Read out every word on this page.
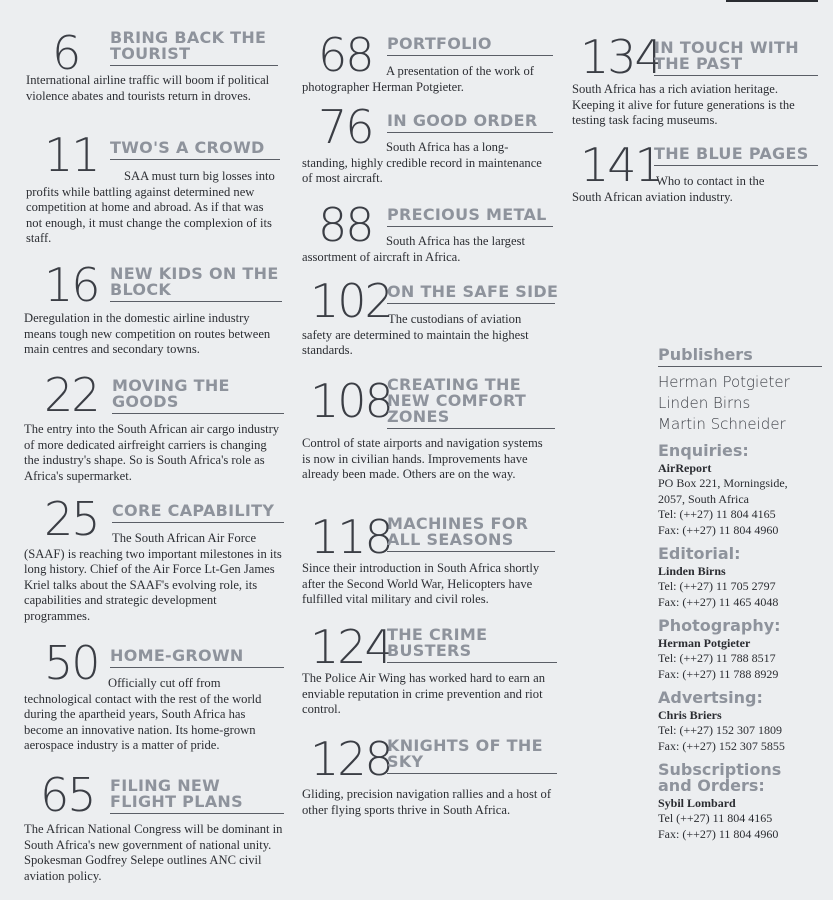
6 BRING BACK THE TOURIST
International airline traffic will boom if political violence abates and tourists return in droves.
11 TWO'S A CROWD
SAA must turn big losses into profits while battling against determined new competition at home and abroad. As if that was not enough, it must change the complexion of its staff.
16 NEW KIDS ON THE BLOCK
Deregulation in the domestic airline industry means tough new competition on routes between main centres and secondary towns.
22 MOVING THE GOODS
The entry into the South African air cargo industry of more dedicated airfreight carriers is changing the industry's shape. So is South Africa's role as Africa's supermarket.
25 CORE CAPABILITY
The South African Air Force (SAAF) is reaching two important milestones in its long history. Chief of the Air Force Lt-Gen James Kriel talks about the SAAF's evolving role, its capabilities and strategic development programmes.
50 HOME-GROWN
Officially cut off from technological contact with the rest of the world during the apartheid years, South Africa has become an innovative nation. Its home-grown aerospace industry is a matter of pride.
65 FILING NEW FLIGHT PLANS
The African National Congress will be dominant in South Africa's new government of national unity. Spokesman Godfrey Selepe outlines ANC civil aviation policy.
68 PORTFOLIO
A presentation of the work of photographer Herman Potgieter.
76 IN GOOD ORDER
South Africa has a long-standing, highly credible record in maintenance of most aircraft.
88 PRECIOUS METAL
South Africa has the largest assortment of aircraft in Africa.
102
ON THE SAFE SIDE
The custodians of aviation safety are determined to maintain the highest standards.
108
CREATING THE NEW COMFORT ZONES
Control of state airports and navigation systems is now in civilian hands. Improvements have already been made. Others are on the way.
118
MACHINES FOR ALL SEASONS
Since their introduction in South Africa shortly after the Second World War, Helicopters have fulfilled vital military and civil roles.
124
THE CRIME BUSTERS
The Police Air Wing has worked hard to earn an enviable reputation in crime prevention and riot control.
128
KNIGHTS OF THE SKY
Gliding, precision navigation rallies and a host of other flying sports thrive in South Africa.
134
IN TOUCH WITH THE PAST
South Africa has a rich aviation heritage. Keeping it alive for future generations is the testing task facing museums.
141
THE BLUE PAGES
Who to contact in the South African aviation industry.
Publishers
Herman Potgieter
Linden Birns
Martin Schneider
Enquiries:
AirReport
PO Box 221, Morningside,
2057, South Africa
Tel: (++27) 11 804 4165
Fax: (++27) 11 804 4960
Editorial:
Linden Birns
Tel: (++27) 11 705 2797
Fax: (++27) 11 465 4048
Photography:
Herman Potgieter
Tel: (++27) 11 788 8517
Fax: (++27) 11 788 8929
Advertsing:
Chris Briers
Tel: (++27) 152 307 1809
Fax: (++27) 152 307 5855
Subscriptions
and Orders:
Sybil Lombard
Tel (++27) 11 804 4165
Fax: (++27) 11 804 4960
